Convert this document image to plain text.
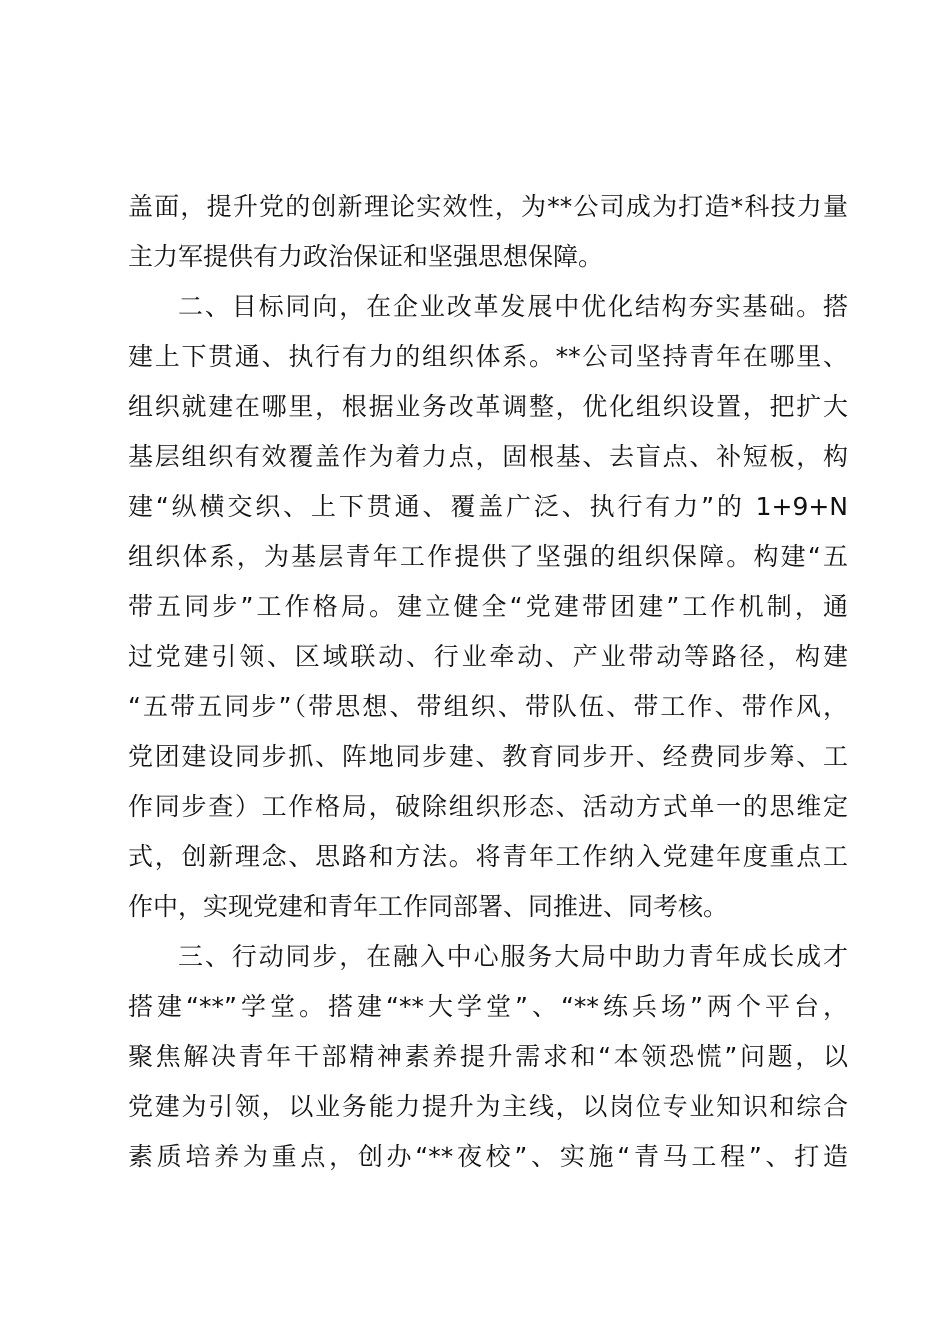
盖面，提升党的创新理论实效性，为**公司成为打造*科技力量
主力军提供有力政治保证和坚强思想保障。
二、目标同向，在企业改革发展中优化结构夯实基础。搭
建上下贯通、执行有力的组织体系。**公司坚持青年在哪里、
组织就建在哪里，根据业务改革调整，优化组织设置，把扩大
基层组织有效覆盖作为着力点，固根基、去盲点、补短板，构
建“纵横交织、上下贯通、覆盖广泛、执行有力”的 1+9+N
组织体系，为基层青年工作提供了坚强的组织保障。构建“五
带五同步”工作格局。建立健全“党建带团建”工作机制，通
过党建引领、区域联动、行业牵动、产业带动等路径，构建
“五带五同步”（带思想、带组织、带队伍、带工作、带作风，
党团建设同步抓、阵地同步建、教育同步开、经费同步筹、工
作同步查）工作格局，破除组织形态、活动方式单一的思维定
式，创新理念、思路和方法。将青年工作纳入党建年度重点工
作中，实现党建和青年工作同部署、同推进、同考核。
三、行动同步，在融入中心服务大局中助力青年成长成才
搭建“**”学堂。搭建“**大学堂”、“**练兵场”两个平台，
聚焦解决青年干部精神素养提升需求和“本领恐慌”问题，以
党建为引领，以业务能力提升为主线，以岗位专业知识和综合
素质培养为重点，创办“**夜校”、实施“青马工程”、打造
